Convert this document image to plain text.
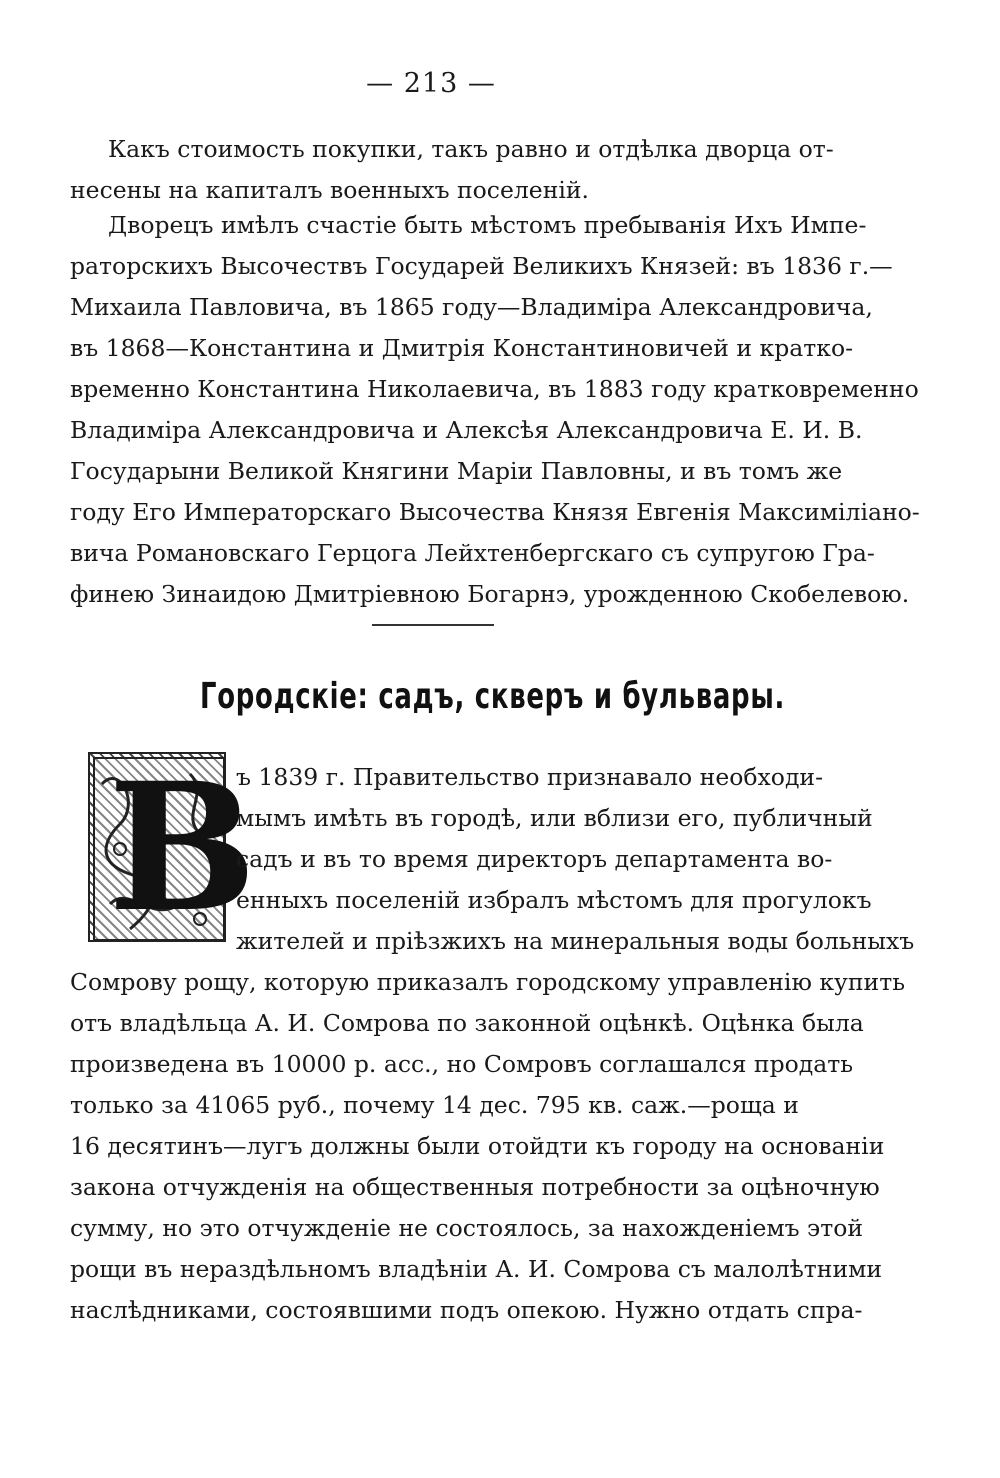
— 213 —
Какъ стоимость покупки, такъ равно и отдѣлка дворца от-
несены на капиталъ военныхъ поселеній.
Дворецъ имѣлъ счастіе быть мѣстомъ пребыванія Ихъ Импе-
раторскихъ Высочествъ Государей Великихъ Князей: въ 1836 г.—
Михаила Павловича, въ 1865 году—Владиміра Александровича,
въ 1868—Константина и Дмитрія Константиновичей и кратко-
временно Константина Николаевича, въ 1883 году кратковременно
Владиміра Александровича и Алексѣя Александровича Е. И. В.
Государыни Великой Княгини Маріи Павловны, и въ томъ же
году Его Императорскаго Высочества Князя Евгенія Максиміліано-
вича Романовскаго Герцога Лейхтенбергскаго съ супругою Гра-
финею Зинаидою Дмитріевною Богарнэ, урожденною Скобелевою.
Городскіе: садъ, скверъ и бульвары.
В
ъ 1839 г. Правительство признавало необходи-
мымъ имѣть въ городѣ, или вблизи его, публичный
садъ и въ то время директоръ департамента во-
енныхъ поселеній избралъ мѣстомъ для прогулокъ
жителей и пріѣзжихъ на минеральныя воды больныхъ
Сомрову рощу, которую приказалъ городскому управленію купить
отъ владѣльца А. И. Сомрова по законной оцѣнкѣ. Оцѣнка была
произведена въ 10000 р. асс., но Сомровъ соглашался продать
только за 41065 руб., почему 14 дес. 795 кв. саж.—роща и
16 десятинъ—лугъ должны были отойдти къ городу на основаніи
закона отчужденія на общественныя потребности за оцѣночную
сумму, но это отчужденіе не состоялось, за нахожденіемъ этой
рощи въ нераздѣльномъ владѣніи А. И. Сомрова съ малолѣтними
наслѣдниками, состоявшими подъ опекою. Нужно отдать спра-
